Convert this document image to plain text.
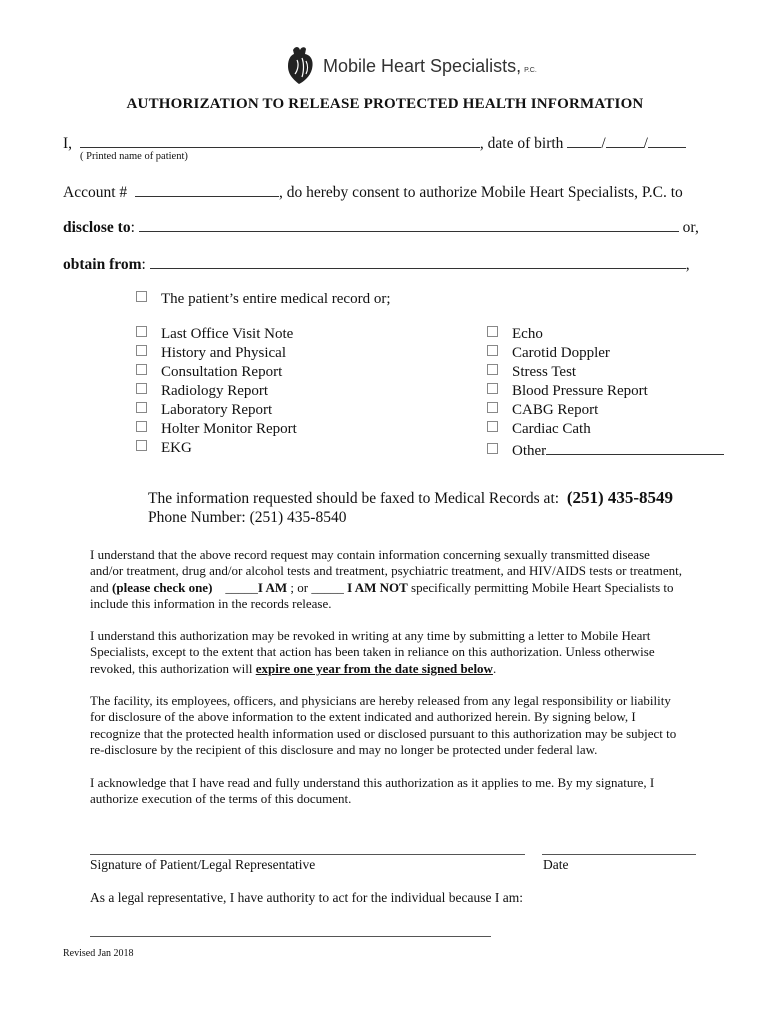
Mobile Heart Specialists, P.C.
AUTHORIZATION TO RELEASE PROTECTED HEALTH INFORMATION
I,	, date of birth / /
( Printed name of patient)
Account #	, do hereby consent to authorize Mobile Heart Specialists, P.C. to
disclose to:	or,
obtain from:	,
The patient’s entire medical record or;
Last Office Visit Note
History and Physical
Consultation Report
Radiology Report
Laboratory Report
Holter Monitor Report
EKG
Echo
Carotid Doppler
Stress Test
Blood Pressure Report
CABG Report
Cardiac Cath
Other
The information requested should be faxed to Medical Records at: (251) 435-8549
Phone Number: (251) 435-8540
I understand that the above record request may contain information concerning sexually transmitted disease
and/or treatment, drug and/or alcohol tests and treatment, psychiatric treatment, and HIV/AIDS tests or treatment,
and (please check one) _____I AM ; or _____ I AM NOT specifically permitting Mobile Heart Specialists to
include this information in the records release.
I understand this authorization may be revoked in writing at any time by submitting a letter to Mobile Heart
Specialists, except to the extent that action has been taken in reliance on this authorization. Unless otherwise
revoked, this authorization will expire one year from the date signed below.
The facility, its employees, officers, and physicians are hereby released from any legal responsibility or liability
for disclosure of the above information to the extent indicated and authorized herein. By signing below, I
recognize that the protected health information used or disclosed pursuant to this authorization may be subject to
re-disclosure by the recipient of this disclosure and may no longer be protected under federal law.
I acknowledge that I have read and fully understand this authorization as it applies to me. By my signature, I
authorize execution of the terms of this document.
Signature of Patient/Legal Representative	Date
As a legal representative, I have authority to act for the individual because I am:
Revised Jan 2018
